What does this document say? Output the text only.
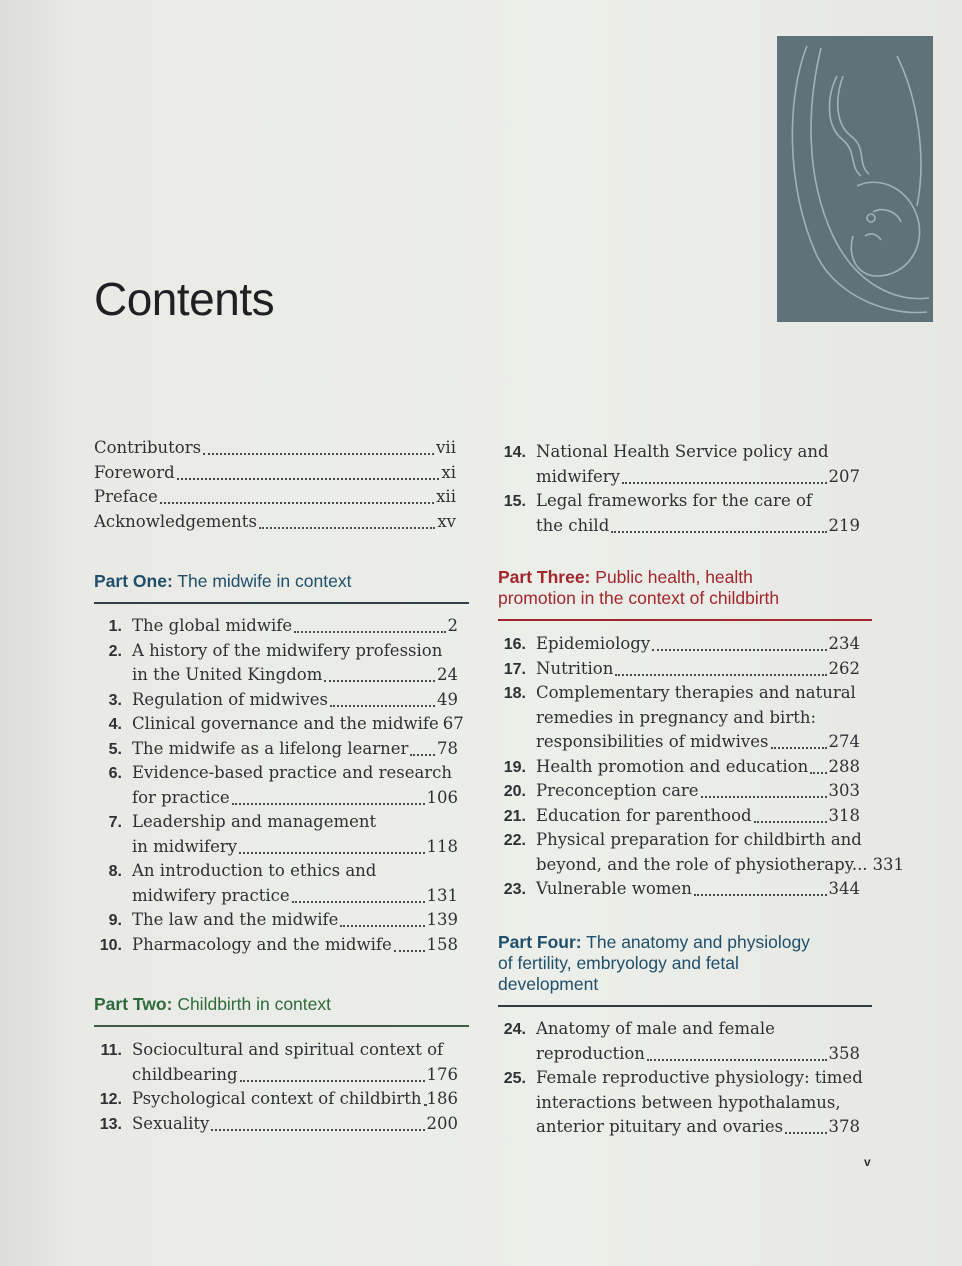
Contents
Contributors	vii
Foreword	xi
Preface	xii
Acknowledgements	xv
Part One: The midwife in context
1. The global midwife	2
2. A history of the midwifery profession
in the United Kingdom	24
3. Regulation of midwives	49
4. Clinical governance and the midwife 67
5. The midwife as a lifelong learner 78
6. Evidence-based practice and research
for practice	106
7. Leadership and management
in midwifery	118
8. An introduction to ethics and
midwifery practice	131
9. The law and the midwife	139
10. Pharmacology and the midwife 158
Part Two: Childbirth in context
11. Sociocultural and spiritual context of
childbearing	176
12. Psychological context of childbirth 186
13. Sexuality	200
14. National Health Service policy and
midwifery	207
15. Legal frameworks for the care of
the child	219
Part Three: Public health, health
promotion in the context of childbirth
16. Epidemiology	234
17. Nutrition	262
18. Complementary therapies and natural
remedies in pregnancy and birth:
responsibilities of midwives	274
19. Health promotion and education 288
20. Preconception care	303
21. Education for parenthood	318
22. Physical preparation for childbirth and
beyond, and the role of physiotherapy... 331
23. Vulnerable women	344
Part Four: The anatomy and physiology
of fertility, embryology and fetal
development
24. Anatomy of male and female
reproduction	358
25. Female reproductive physiology: timed
interactions between hypothalamus,
anterior pituitary and ovaries	378
v
